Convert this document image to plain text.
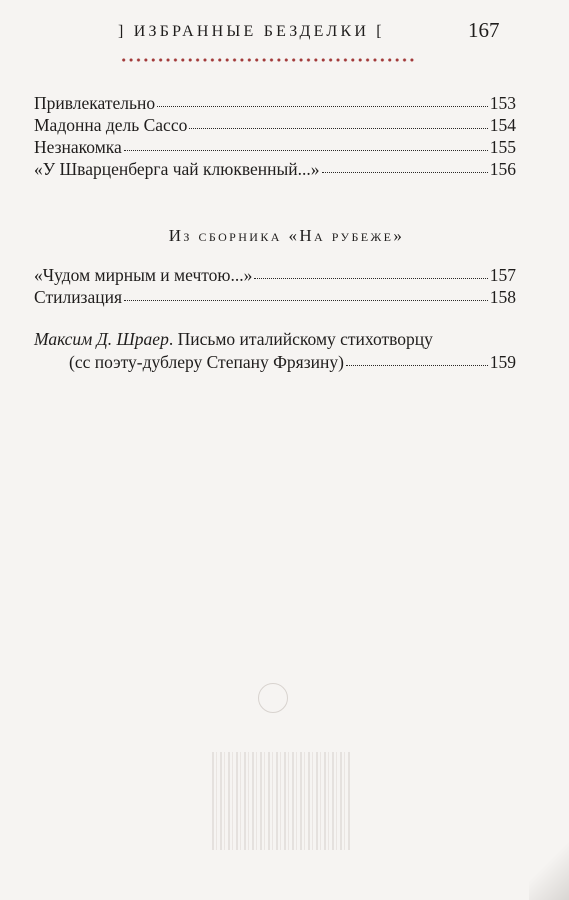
] ИЗБРАННЫЕ БЕЗДЕЛКИ [	167
Привлекательно	153
Мадонна дель Сассо	154
Незнакомка	155
«У Шварценберга чай клюквенный...»	156
Из сборника «На рубеже»
«Чудом мирным и мечтою...»	157
Стилизация	158
Максим Д. Шраер. Письмо италийскому стихотворцу
(сс поэту-дублеру Степану Фрязину)	159
